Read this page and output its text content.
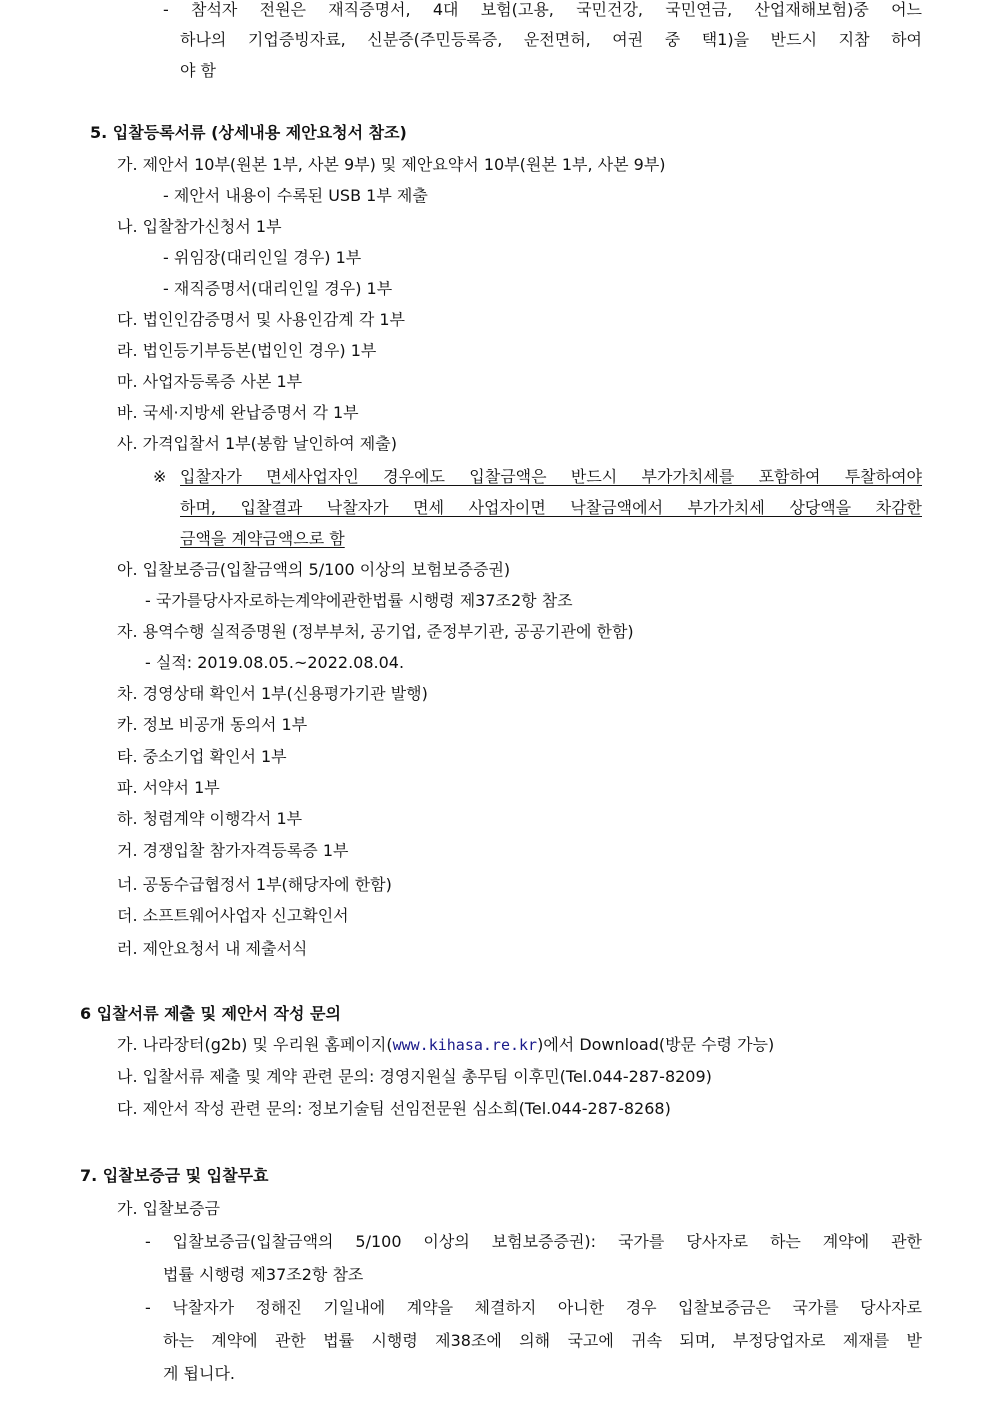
- 참석자 전원은 재직증명서, 4대 보험(고용, 국민건강, 국민연금, 산업재해보험)중 어느
하나의 기업증빙자료, 신분증(주민등록증, 운전면허, 여권 중 택1)을 반드시 지참 하여
야 함
5. 입찰등록서류 (상세내용 제안요청서 참조)
가. 제안서 10부(원본 1부, 사본 9부) 및 제안요약서 10부(원본 1부, 사본 9부)
- 제안서 내용이 수록된 USB 1부 제출
나. 입찰참가신청서 1부
- 위임장(대리인일 경우) 1부
- 재직증명서(대리인일 경우) 1부
다. 법인인감증명서 및 사용인감계 각 1부
라. 법인등기부등본(법인인 경우) 1부
마. 사업자등록증 사본 1부
바. 국세·지방세 완납증명서 각 1부
사. 가격입찰서 1부(봉함 날인하여 제출)
※ 입찰자가 면세사업자인 경우에도 입찰금액은 반드시 부가가치세를 포함하여 투찰하여야
하며, 입찰결과 낙찰자가 면세 사업자이면 낙찰금액에서 부가가치세 상당액을 차감한
금액을 계약금액으로 함
아. 입찰보증금(입찰금액의 5/100 이상의 보험보증증권)
- 국가를당사자로하는계약에관한법률 시행령 제37조2항 참조
자. 용역수행 실적증명원 (정부부처, 공기업, 준정부기관, 공공기관에 한함)
- 실적: 2019.08.05.~2022.08.04.
차. 경영상태 확인서 1부(신용평가기관 발행)
카. 정보 비공개 동의서 1부
타. 중소기업 확인서 1부
파. 서약서 1부
하. 청렴계약 이행각서 1부
거. 경쟁입찰 참가자격등록증 1부
너. 공동수급협정서 1부(해당자에 한함)
더. 소프트웨어사업자 신고확인서
러. 제안요청서 내 제출서식
6 입찰서류 제출 및 제안서 작성 문의
가. 나라장터(g2b) 및 우리원 홈페이지(www.kihasa.re.kr)에서 Download(방문 수령 가능)
나. 입찰서류 제출 및 계약 관련 문의: 경영지원실 총무팀 이후민(Tel.044-287-8209)
다. 제안서 작성 관련 문의: 정보기술팀 선임전문원 심소희(Tel.044-287-8268)
7. 입찰보증금 및 입찰무효
가. 입찰보증금
- 입찰보증금(입찰금액의 5/100 이상의 보험보증증권): 국가를 당사자로 하는 계약에 관한
법률 시행령 제37조2항 참조
- 낙찰자가 정해진 기일내에 계약을 체결하지 아니한 경우 입찰보증금은 국가를 당사자로
하는 계약에 관한 법률 시행령 제38조에 의해 국고에 귀속 되며, 부정당업자로 제재를 받
게 됩니다.
